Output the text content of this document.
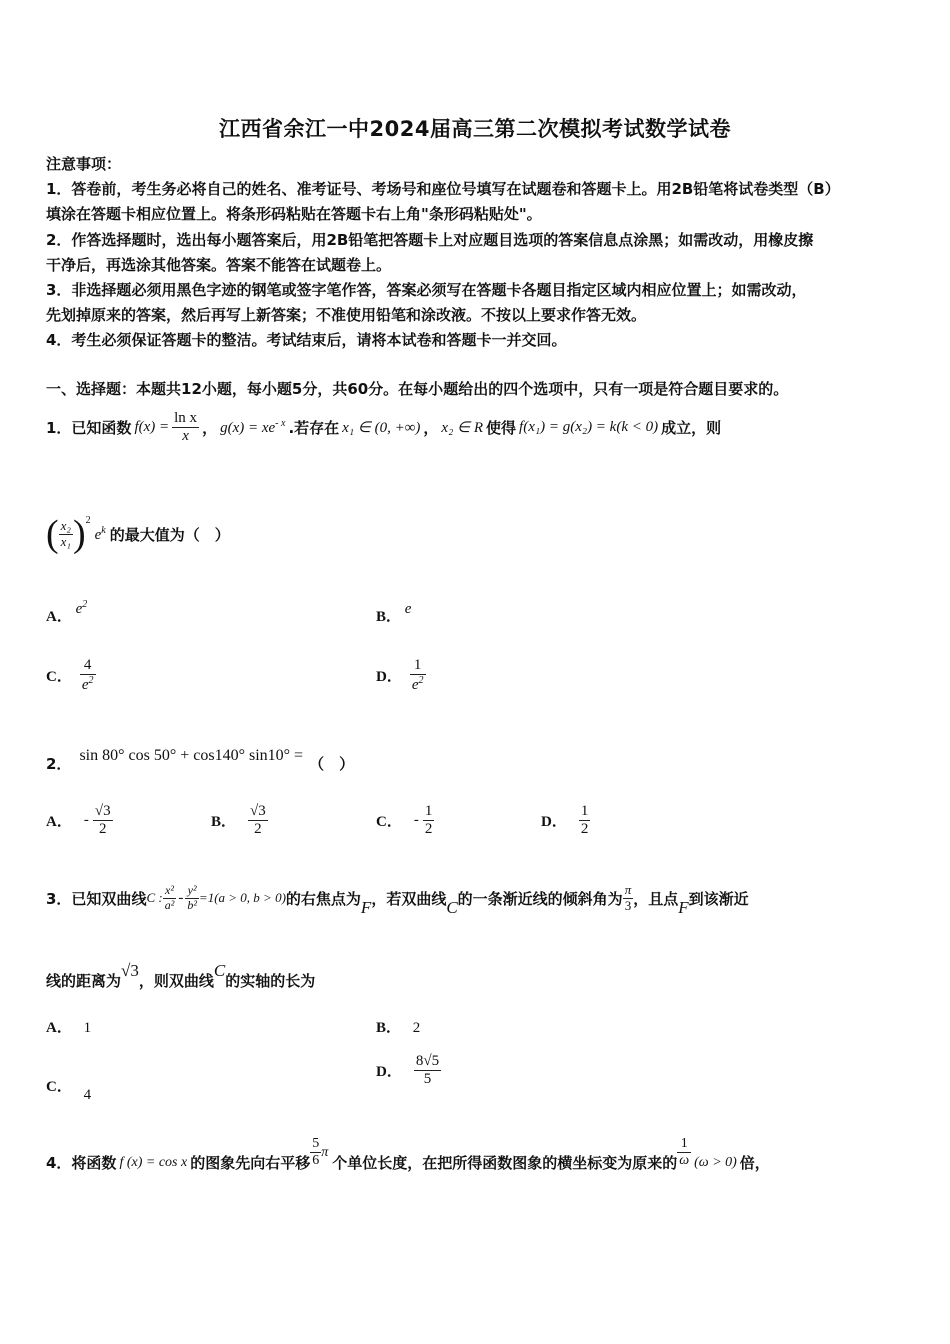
江西省余江一中2024届高三第二次模拟考试数学试卷
注意事项：
1．答卷前，考生务必将自己的姓名、准考证号、考场号和座位号填写在试题卷和答题卡上。用2B铅笔将试卷类型（B）
填涂在答题卡相应位置上。将条形码粘贴在答题卡右上角"条形码粘贴处"。
2．作答选择题时，选出每小题答案后，用2B铅笔把答题卡上对应题目选项的答案信息点涂黑；如需改动，用橡皮擦
干净后，再选涂其他答案。答案不能答在试题卷上。
3．非选择题必须用黑色字迹的钢笔或签字笔作答，答案必须写在答题卡各题目指定区域内相应位置上；如需改动，
先划掉原来的答案，然后再写上新答案；不准使用铅笔和涂改液。不按以上要求作答无效。
4．考生必须保证答题卡的整洁。考试结束后，请将本试卷和答题卡一并交回。
一、选择题：本题共12小题，每小题5分，共60分。在每小题给出的四个选项中，只有一项是符合题目要求的。
1．已知函数 $f(x) = \frac{\text{ln x}}{x}$ ， $g(x) = xe^{- x}$ .若存在 x₁ ∈ (0, +∞) ， x₂ ∈ R 使得 f(x₁) = g(x₂) = k(k < 0) 成立，则
( $\frac{\text{x₂}}{\text{x₁}} )^2$
$e^k$ 的最大值为（　）
A． $e^2$
B． e
C． $\frac{4}{e^2}$	D． $\frac{1}{e^2}$
2． sin 80° cos 50° + cos140° sin10° = （　）
A． - $\frac{√3}{2}$	B． $\frac{√3}{2}$	C． - $\frac{1}{2}$	D． $\frac{1}{2}$
3．已知双曲线 C : $\frac{\text{x²}}{\text{a²}} - \frac{\text{y²}}{\text{b²}} =1(a > 0$, b > 0) 的右焦点为 F ，若双曲线 C 的一条渐近线的倾斜角为 $\frac{\pi}{3}$ ，且点 F 到该渐近
线的距离为
√3
，则双曲线
C
的实轴的长为
A． 1	B． 2
C． 4
D． $\frac{8√5}{5}$
4．将函数 f (x) = cos x 的图象先向右平移 $\frac{5}{6}$ π
个单位长度，在把所得函数图象的横坐标变为原来的 $\frac{1}{\omega} (\omega > 0)$ 倍，
